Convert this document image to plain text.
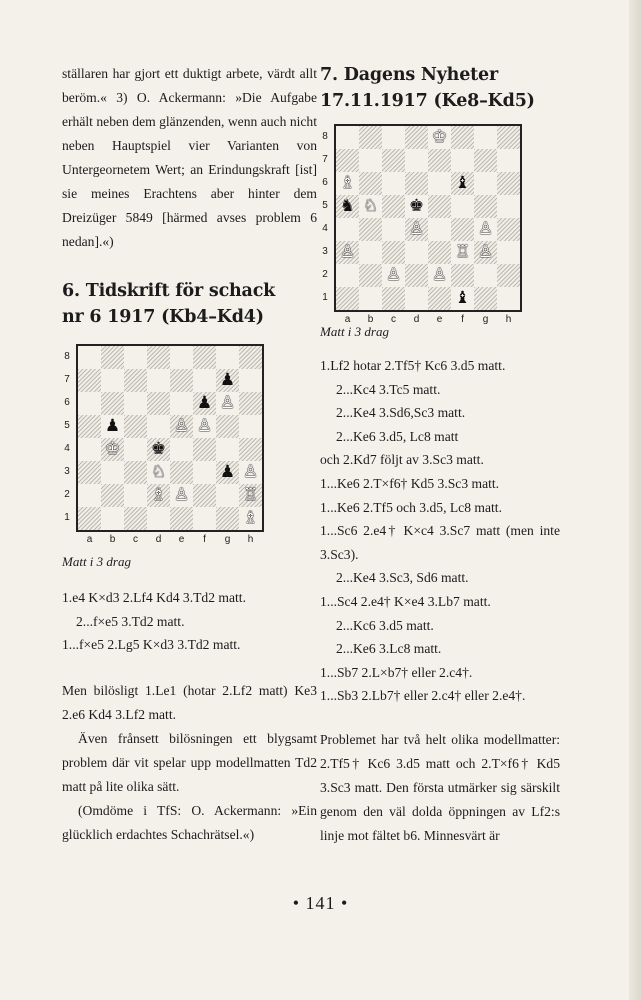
ställaren har gjort ett duktigt arbete, värdt allt beröm.« 3) O. Ackermann: »Die Aufgabe erhält neben dem glänzenden, wenn auch nicht neben Hauptspiel vier Varianten von Untergeornetem Wert; an Erindungskraft [ist] sie meines Erachtens aber hinter dem Dreizüger 5849 [härmed avses problem 6 nedan].«)

6. Tidskrift för schack

nr 6 1917 (Kb4–Kd4)

8
7
6
5
4
3
2
1
♟
♟ ♙
♟	♙ ♙
♔ ♚
♘	♟ ♙
♗ ♙	♖
♗
a	b	c	d	e	f	g	h

Matt i 3 drag

1.e4 K×d3 2.Lf4 Kd4 3.Td2 matt.

2...f×e5 3.Td2 matt.

1...f×e5 2.Lg5 K×d3 3.Td2 matt.

Men bilösligt 1.Le1 (hotar 2.Lf2 matt) Ke3 2.e6 Kd4 3.Lf2 matt.

Även frånsett bilösningen ett blygsamt problem där vit spelar upp modellmatten Td2 matt på lite olika sätt.

(Omdöme i TfS: O. Ackermann: »Ein glücklich erdachtes Schachrätsel.«)

7. Dagens Nyheter

17.11.1917 (Ke8–Kd5)

8
7
6
5
4
3
2
1
♔
♗	♝
♞ ♘ ♚
♙	♙
♙	♖ ♙
♙ ♙
♝
a	b	c	d	e	f	g	h

Matt i 3 drag

1.Lf2 hotar 2.Tf5† Kc6 3.d5 matt.

2...Kc4 3.Tc5 matt.

2...Ke4 3.Sd6,Sc3 matt.

2...Ke6 3.d5, Lc8 matt

och 2.Kd7 följt av 3.Sc3 matt.

1...Ke6 2.T×f6† Kd5 3.Sc3 matt.

1...Ke6 2.Tf5 och 3.d5, Lc8 matt.

1...Sc6 2.e4† K×c4 3.Sc7 matt (men inte 3.Sc3).

2...Ke4 3.Sc3, Sd6 matt.

1...Sc4 2.e4† K×e4 3.Lb7 matt.

2...Kc6 3.d5 matt.

2...Ke6 3.Lc8 matt.

1...Sb7 2.L×b7† eller 2.c4†.

1...Sb3 2.Lb7† eller 2.c4† eller 2.e4†.

Problemet har två helt olika modellmatter: 2.Tf5† Kc6 3.d5 matt och 2.T×f6† Kd5 3.Sc3 matt. Den första utmärker sig särskilt genom den väl dolda öppningen av Lf2:s linje mot fältet b6. Minnesvärt är

• 141 •
